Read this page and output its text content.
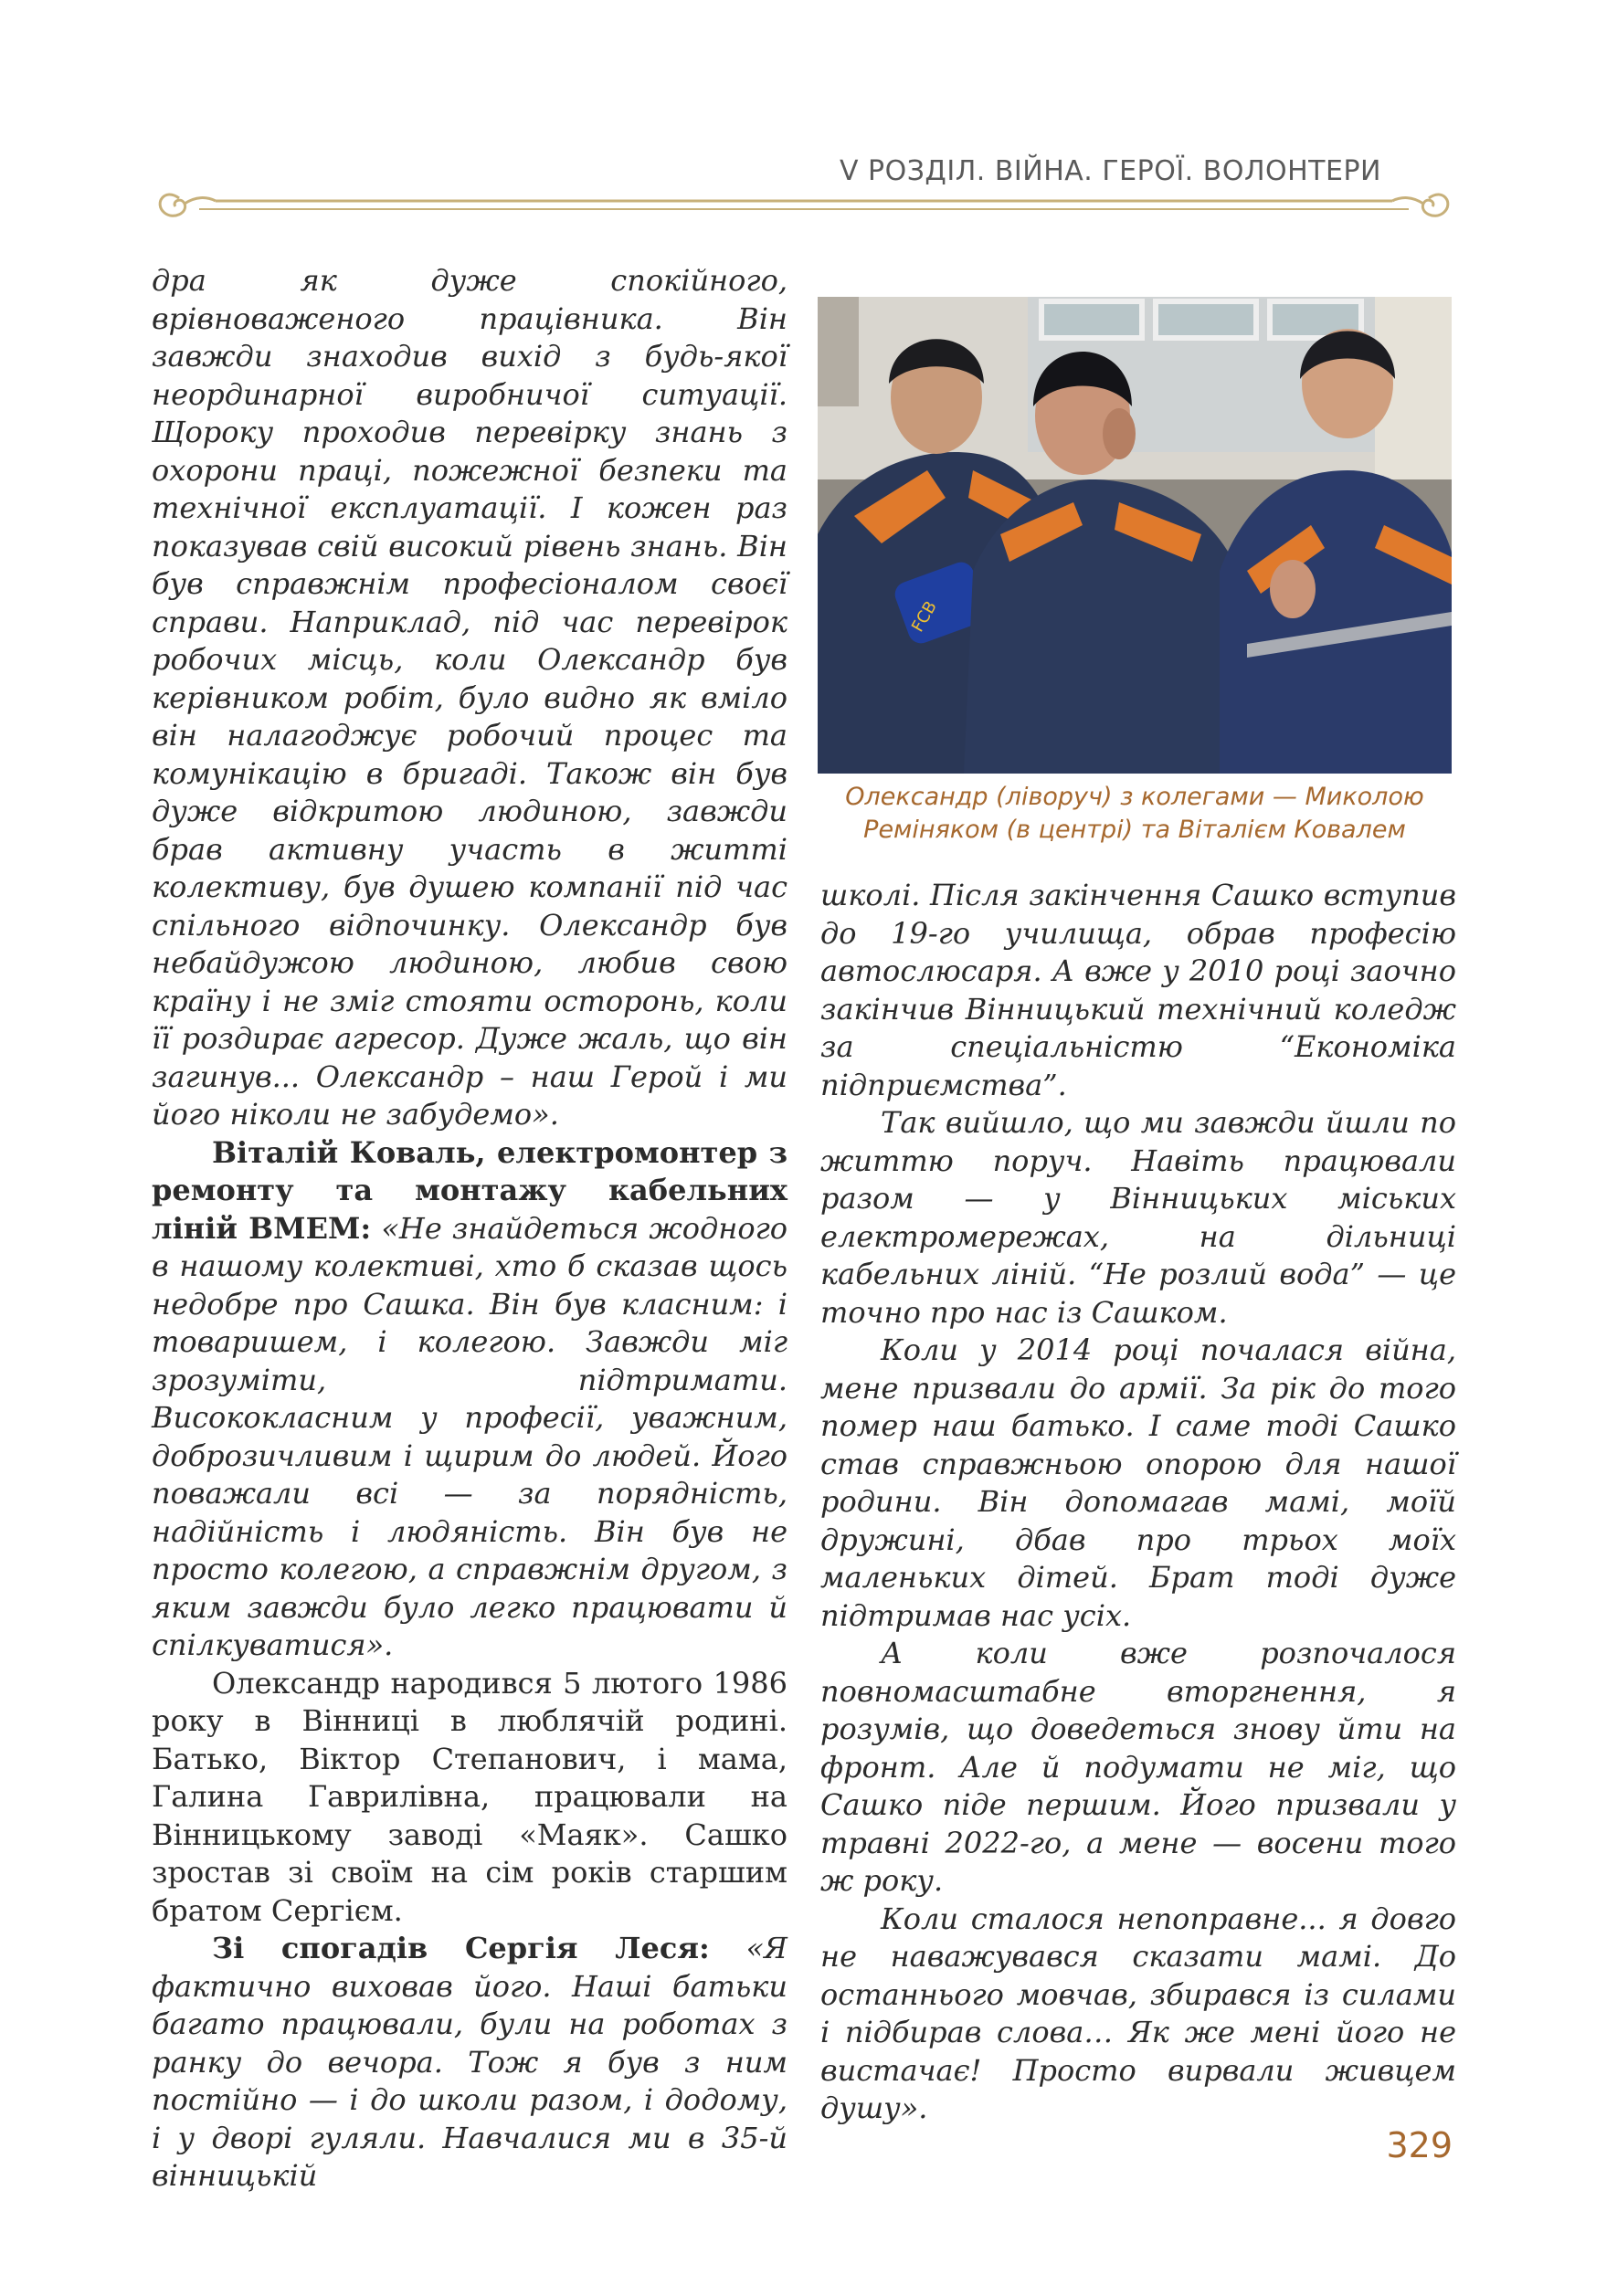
V РОЗДІЛ. ВІЙНА. ГЕРОЇ. ВОЛОНТЕРИ

дра як дуже спокійного, врівноваженого працівника. Він завжди знаходив вихід з будь-якої неординарної виробничої ситуації. Щороку проходив перевірку знань з охорони праці, пожежної безпеки та технічної експлуатації. І кожен раз показував свій високий рівень знань. Він був справжнім професіоналом своєї справи. Наприклад, під час перевірок робочих місць, коли Олександр був керівником робіт, було видно як вміло він налагоджує робочий процес та комунікацію в бригаді. Також він був дуже відкритою людиною, завжди брав активну участь в житті колективу, був душею компанії під час спільного відпочинку. Олександр був небайдужою людиною, любив свою країну і не зміг стояти осторонь, коли її роздирає агресор. Дуже жаль, що він загинув... Олександр – наш Герой і ми його ніколи не забудемо».

Віталій Коваль, електромонтер з ремонту та монтажу кабельних ліній ВМЕМ: «Не знайдеться жодного в нашому колективі, хто б сказав щось недобре про Сашка. Він був класним: і товаришем, і колегою. Завжди міг зрозуміти, підтримати. Висококласним у професії, уважним, доброзичливим і щирим до людей. Його поважали всі — за порядність, надійність і людяність. Він був не просто колегою, а справжнім другом, з яким завжди було легко працювати й спілкуватися».

Олександр народився 5 лютого 1986 року в Вінниці в люблячій родині. Батько, Віктор Степанович, і мама, Галина Гаврилівна, працювали на Вінницькому заводі «Маяк». Сашко зростав зі своїм на сім років старшим братом Сергієм.

Зі спогадів Сергія Леся: «Я фактично виховав його. Наші батьки багато працювали, були на роботах з ранку до вечора. Тож я був з ним постійно — і до школи разом, і додому, і у дворі гуляли. Навчалися ми в 35-й вінницькій

FCB
Олександр (ліворуч) з колегами — Миколою Реміняком (в центрі) та Віталієм Ковалем

школі. Після закінчення Сашко вступив до 19-го училища, обрав професію автослюсаря. А вже у 2010 році заочно закінчив Вінницький технічний коледж за спеціальністю “Економіка підприємства”.

Так вийшло, що ми завжди йшли по життю поруч. Навіть працювали разом — у Вінницьких міських електромережах, на дільниці кабельних ліній. “Не розлий вода” — це точно про нас із Сашком.

Коли у 2014 році почалася війна, мене призвали до армії. За рік до того помер наш батько. І саме тоді Сашко став справжньою опорою для нашої родини. Він допомагав мамі, моїй дружині, дбав про трьох моїх маленьких дітей. Брат тоді дуже підтримав нас усіх.

А коли вже розпочалося повномасштабне вторгнення, я розумів, що доведеться знову йти на фронт. Але й подумати не міг, що Сашко піде першим. Його призвали у травні 2022-го, а мене — восени того ж року.

Коли сталося непоправне... я довго не наважувався сказати мамі. До останнього мовчав, збирався із силами і підбирав слова… Як же мені його не вистачає! Просто вирвали живцем душу».

329
